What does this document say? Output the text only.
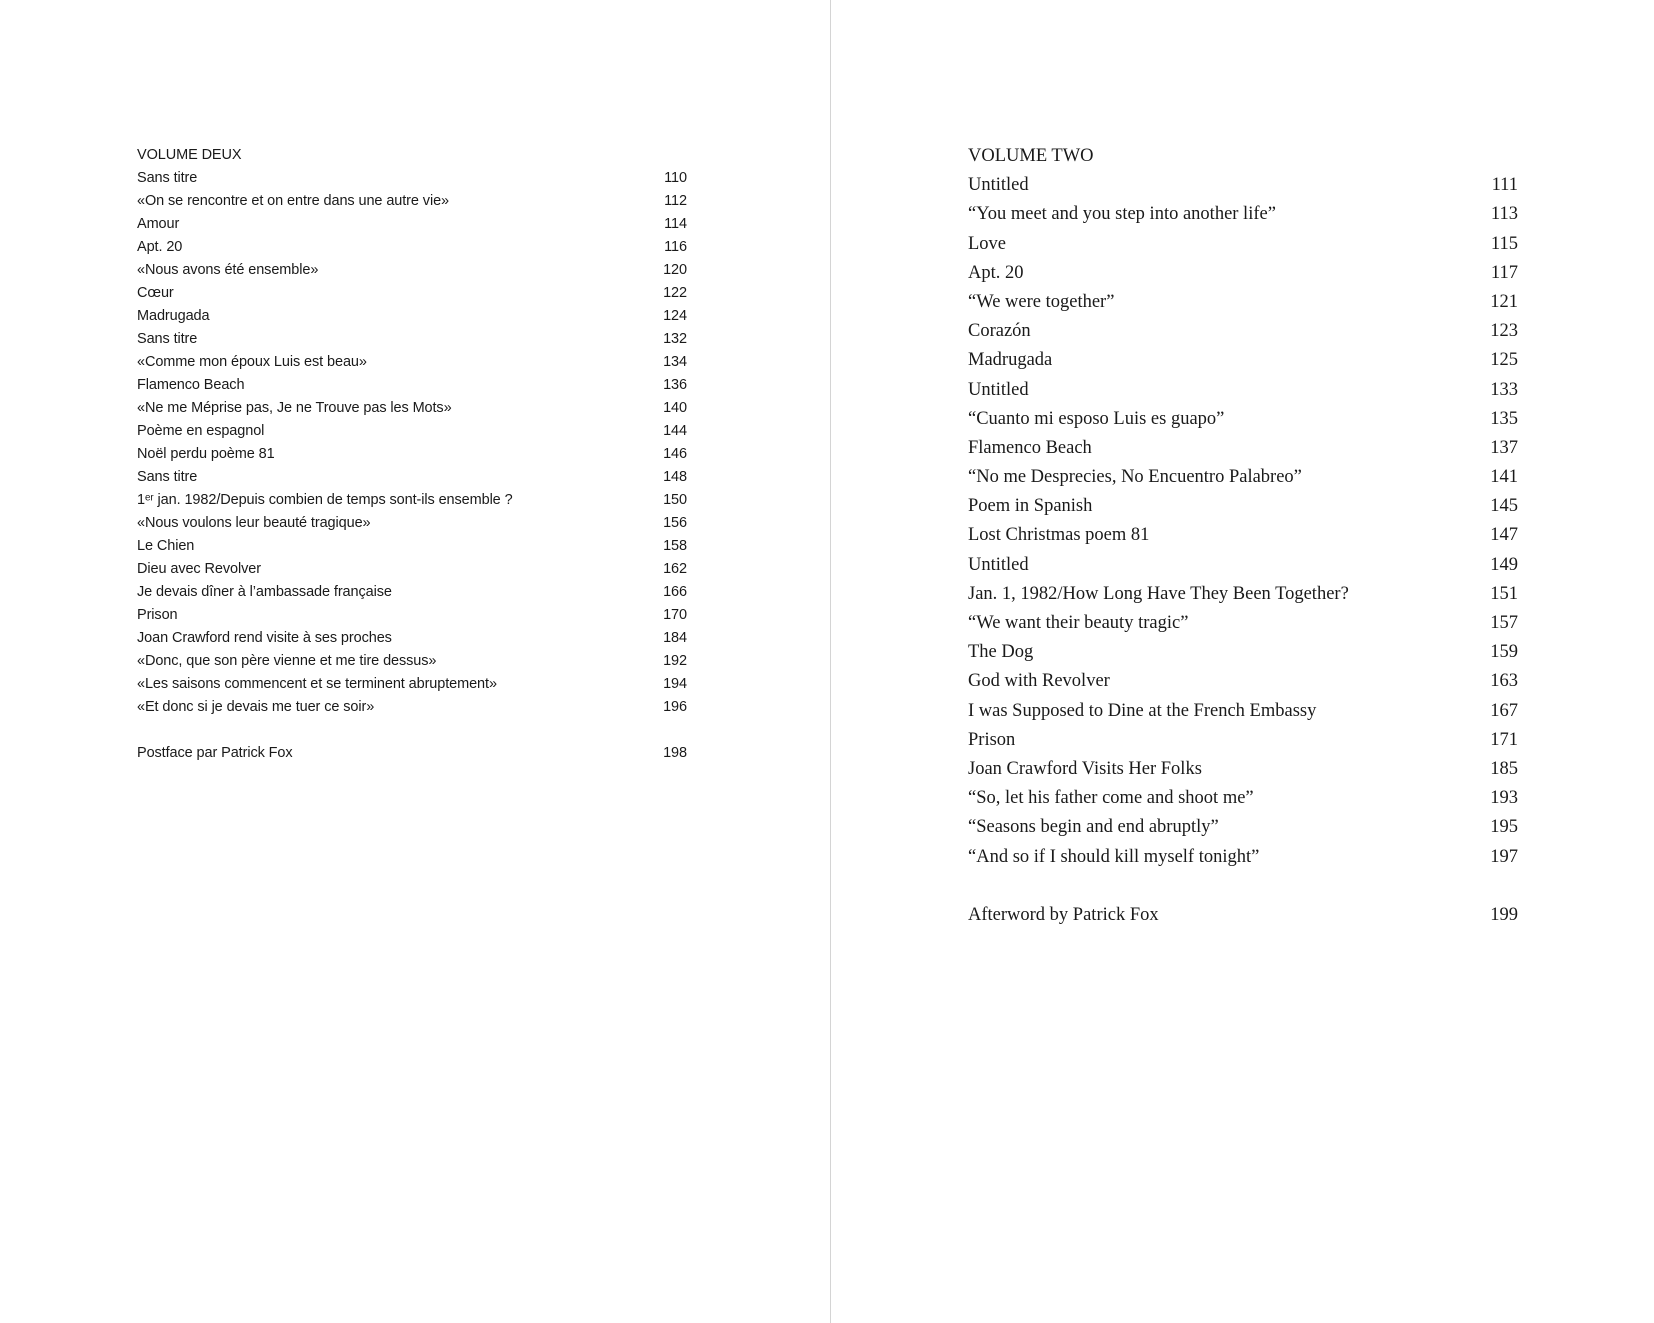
VOLUME DEUX
Sans titre	110
«On se rencontre et on entre dans une autre vie»	112
Amour	114
Apt. 20	116
«Nous avons été ensemble»	120
Cœur	122
Madrugada	124
Sans titre	132
«Comme mon époux Luis est beau»	134
Flamenco Beach	136
«Ne me Méprise pas, Je ne Trouve pas les Mots»	140
Poème en espagnol	144
Noël perdu poème 81	146
Sans titre	148
1ᵉʳ jan. 1982/Depuis combien de temps sont-ils ensemble ?	150
«Nous voulons leur beauté tragique»	156
Le Chien	158
Dieu avec Revolver	162
Je devais dîner à l’ambassade française	166
Prison	170
Joan Crawford rend visite à ses proches	184
«Donc, que son père vienne et me tire dessus»	192
«Les saisons commencent et se terminent abruptement»	194
«Et donc si je devais me tuer ce soir»	196
Postface par Patrick Fox	198
VOLUME TWO
Untitled	111
“You meet and you step into another life”	113
Love	115
Apt. 20	117
“We were together”	121
Corazón	123
Madrugada	125
Untitled	133
“Cuanto mi esposo Luis es guapo”	135
Flamenco Beach	137
“No me Desprecies, No Encuentro Palabreo”	141
Poem in Spanish	145
Lost Christmas poem 81	147
Untitled	149
Jan. 1, 1982/How Long Have They Been Together?	151
“We want their beauty tragic”	157
The Dog	159
God with Revolver	163
I was Supposed to Dine at the French Embassy	167
Prison	171
Joan Crawford Visits Her Folks	185
“So, let his father come and shoot me”	193
“Seasons begin and end abruptly”	195
“And so if I should kill myself tonight”	197
Afterword by Patrick Fox	199
